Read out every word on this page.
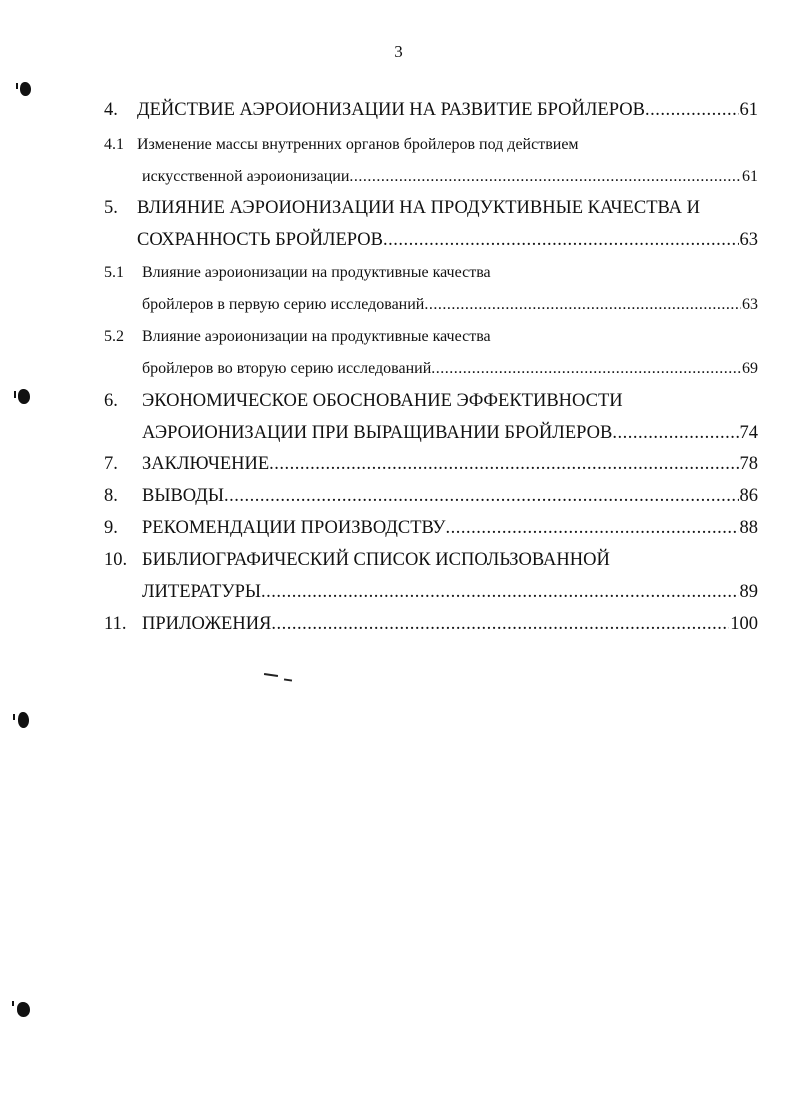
3
4. ДЕЙСТВИЕ АЭРОИОНИЗАЦИИ НА РАЗВИТИЕ БРОЙЛЕРОВ .....	61
4.1 Изменение массы внутренних органов бройлеров под действием
искусственной аэроионизации .....	61
5. ВЛИЯНИЕ АЭРОИОНИЗАЦИИ НА ПРОДУКТИВНЫЕ КАЧЕСТВА И
СОХРАННОСТЬ БРОЙЛЕРОВ .....	63
5.1 Влияние аэроионизации на продуктивные качества
бройлеров в первую серию исследований .....	63
5.2 Влияние аэроионизации на продуктивные качества
бройлеров во вторую серию исследований .....	69
6. ЭКОНОМИЧЕСКОЕ ОБОСНОВАНИЕ ЭФФЕКТИВНОСТИ
АЭРОИОНИЗАЦИИ ПРИ ВЫРАЩИВАНИИ БРОЙЛЕРОВ .....	74
7. ЗАКЛЮЧЕНИЕ .....	78
8. ВЫВОДЫ .....	86
9. РЕКОМЕНДАЦИИ ПРОИЗВОДСТВУ .....	88
10. БИБЛИОГРАФИЧЕСКИЙ СПИСОК ИСПОЛЬЗОВАННОЙ
ЛИТЕРАТУРЫ .....	89
11. ПРИЛОЖЕНИЯ .....	100
